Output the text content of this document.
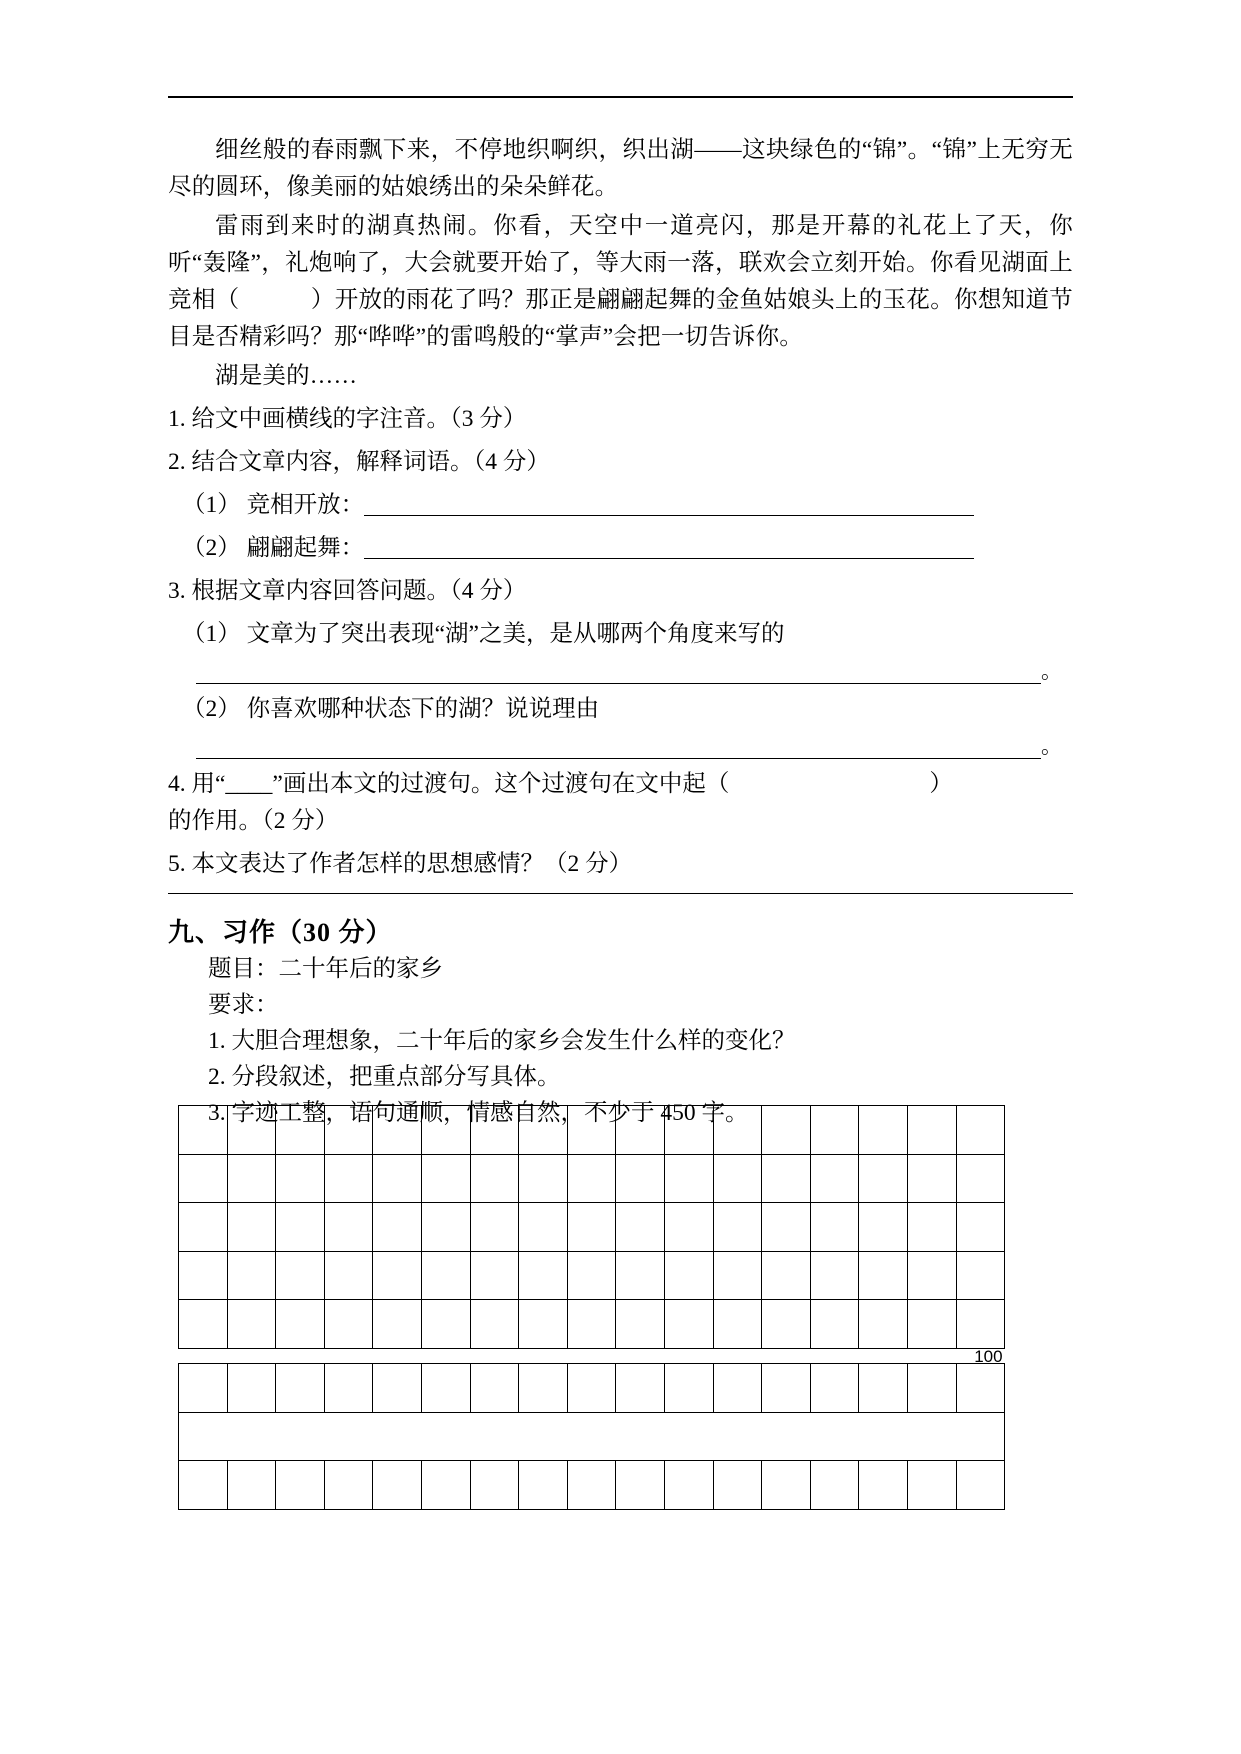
细丝般的春雨飘下来，不停地织啊织，织出湖——这块绿色的“锦”。“锦”上无穷无尽的圆环，像美丽的姑娘绣出的朵朵鲜花。

雷雨到来时的湖真热闹。你看，天空中一道亮闪，那是开幕的礼花上了天，你听“轰隆”，礼炮响了，大会就要开始了，等大雨一落，联欢会立刻开始。你看见湖面上竞相（　　　）开放的雨花了吗？那正是翩翩起舞的金鱼姑娘头上的玉花。你想知道节目是否精彩吗？那“哗哗”的雷鸣般的“掌声”会把一切告诉你。

湖是美的……

1. 给文中画横线的字注音。（3 分）
2. 结合文章内容，解释词语。（4 分）
（1） 竞相开放：
（2） 翩翩起舞：
3. 根据文章内容回答问题。（4 分）
（1） 文章为了突出表现“湖”之美，是从哪两个角度来写的
。
（2） 你喜欢哪种状态下的湖？说说理由
。
4. 用“____”画出本文的过渡句。这个过渡句在文中起（	）
的作用。（2 分）
5. 本文表达了作者怎样的思想感情？（2 分）
九、习作（30 分）
题目：二十年后的家乡
要求：
1. 大胆合理想象，二十年后的家乡会发生什么样的变化？
2. 分段叙述，把重点部分写具体。
3. 字迹工整，语句通顺，情感自然，不少于 450 字。

100																
